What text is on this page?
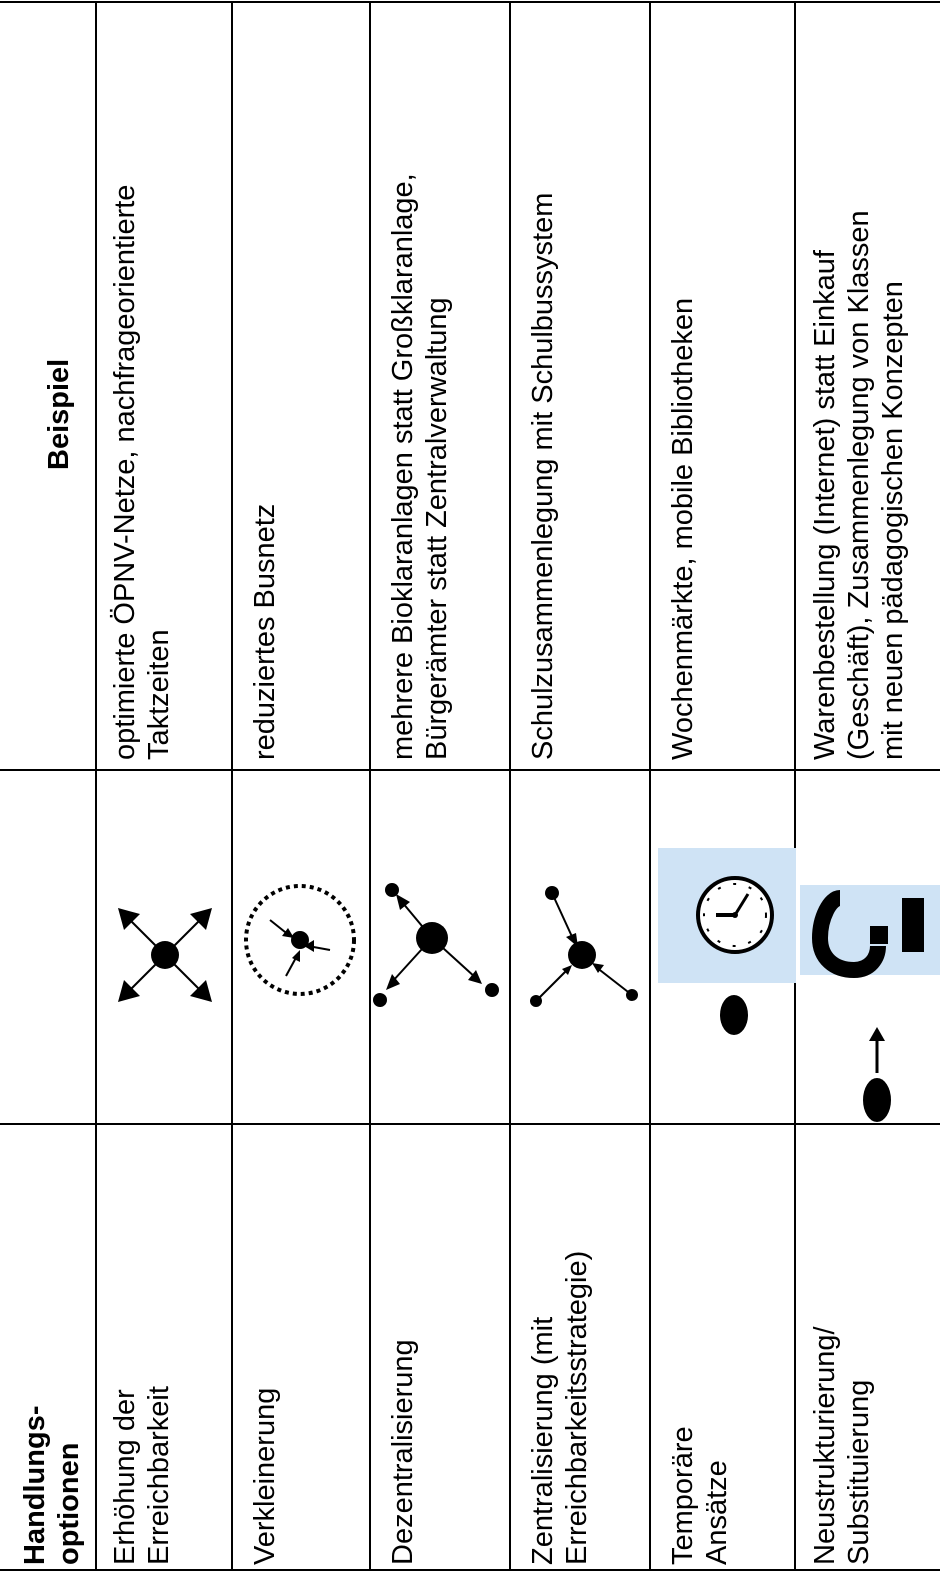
Handlungs-
optionen
Beispiel
Erhöhung der
Erreichbarkeit
optimierte ÖPNV-Netze, nachfrageorientierte
Taktzeiten
Verkleinerung
reduziertes Busnetz
Dezentralisierung
mehrere Bioklaranlagen statt Großklaranlage,
Bürgerämter statt Zentralverwaltung
Zentralisierung (mit
Erreichbarkeitsstrategie)
Schulzusammenlegung mit Schulbussystem
Temporäre
Ansätze
Wochenmärkte, mobile Bibliotheken
Neustrukturierung/
Substituierung
Warenbestellung (Internet) statt Einkauf
(Geschäft), Zusammenlegung von Klassen
mit neuen pädagogischen Konzepten
